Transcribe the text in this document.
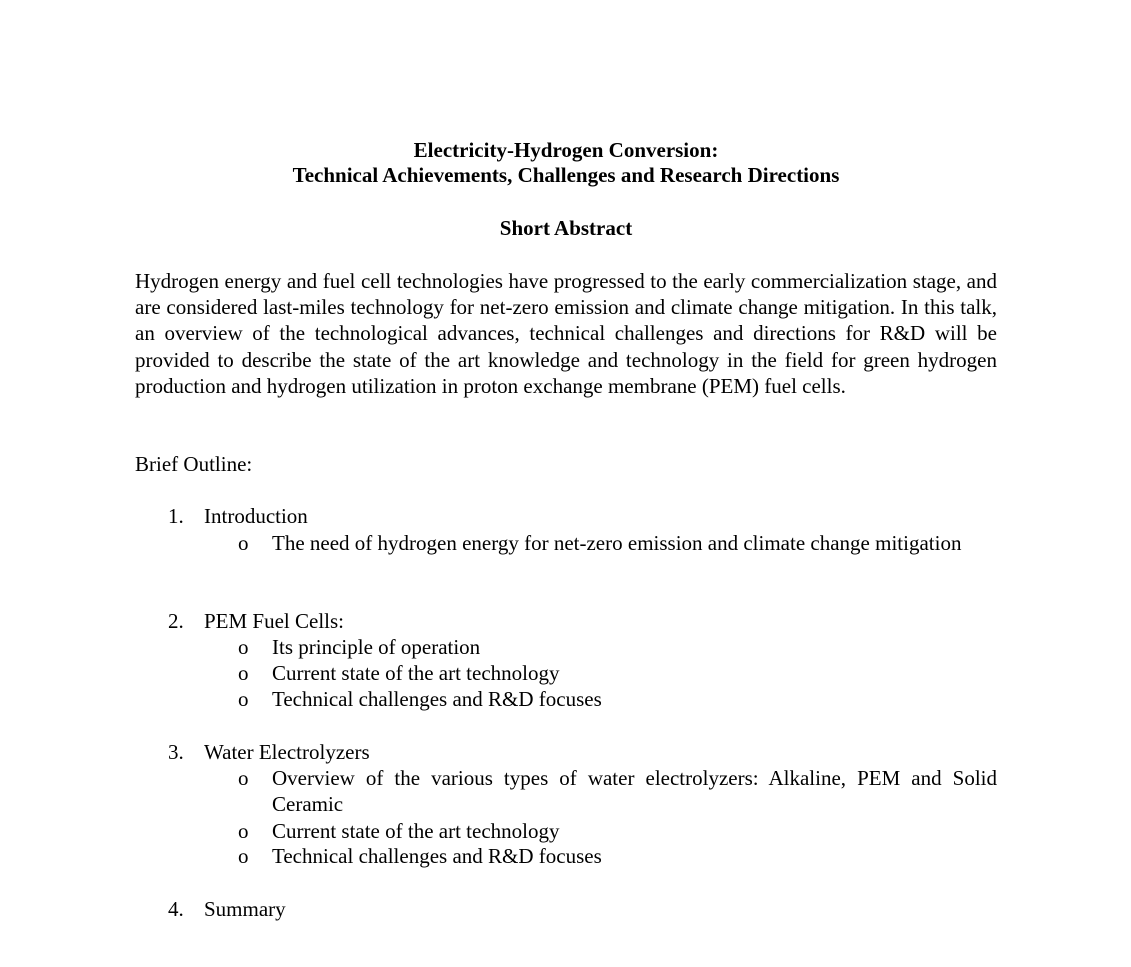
Electricity-Hydrogen Conversion:

Technical Achievements, Challenges and Research Directions

Short Abstract

Hydrogen energy and fuel cell technologies have progressed to the early commercialization stage, and are considered last-miles technology for net-zero emission and climate change mitigation. In this talk, an overview of the technological advances, technical challenges and directions for R&D will be provided to describe the state of the art knowledge and technology in the field for green hydrogen production and hydrogen utilization in proton exchange membrane (PEM) fuel cells.

Brief Outline:

1. Introduction
o The need of hydrogen energy for net-zero emission and climate change mitigation

2. PEM Fuel Cells:
o Its principle of operation

o Current state of the art technology

o Technical challenges and R&D focuses

3. Water Electrolyzers
o Overview of the various types of water electrolyzers: Alkaline, PEM and Solid Ceramic

o Current state of the art technology

o Technical challenges and R&D focuses

4. Summary
